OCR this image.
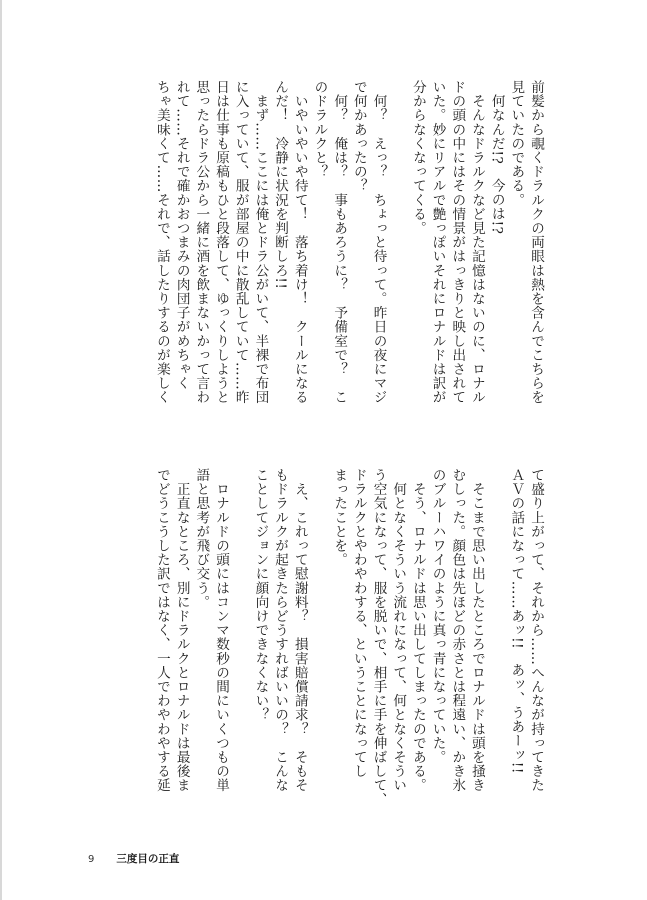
前髪から覗くドラルクの両眼は熱を含んでこちらを
見ていたのである。
　何なんだ!?　今のは!?
　そんなドラルクなど見た記憶はないのに、ロナル
ドの頭の中にはその情景がはっきりと映し出されて
いた。妙にリアルで艶っぽいそれにロナルドは訳が
分からなくなってくる。
　何？　えっ？　ちょっと待って。昨日の夜にマジ
で何かあったの？
　何？　俺は？　事もあろうに？　予備室で？　こ
のドラルクと？
　いやいやいや待て！　落ち着け！　クールになる
んだ！　冷静に状況を判断しろ!!
　まず……ここには俺とドラ公がいて、半裸で布団
に入っていて、服が部屋の中に散乱していて……昨
日は仕事も原稿もひと段落して、ゆっくりしようと
思ったらドラ公から一緒に酒を飲まないかって言わ
れて……それで確かおつまみの肉団子がめちゃく
ちゃ美味くて……それで、話したりするのが楽しく
て盛り上がって、それから……へんなが持ってきた
ＡＶの話になって……あッ!!　あッ、うあーッ!!
　そこまで思い出したところでロナルドは頭を掻き
むしった。顔色は先ほどの赤さとは程遠い、かき氷
のブルーハワイのように真っ青になっていた。
　そう、ロナルドは思い出してしまったのである。
　何となくそういう流れになって、何となくそうい
う空気になって、服を脱いで、相手に手を伸ばして、
ドラルクとやわやわする、ということになってし
まったことを。
　え、これって慰謝料？　損害賠償請求？　そもそ
もドラルクが起きたらどうすればいいの？　こんな
ことしてジョンに顔向けできなくない？
　ロナルドの頭にはコンマ数秒の間にいくつもの単
語と思考が飛び交う。
　正直なところ、別にドラルクとロナルドは最後ま
でどうこうした訳ではなく、一人でわやわやする延
9 三度目の正直
